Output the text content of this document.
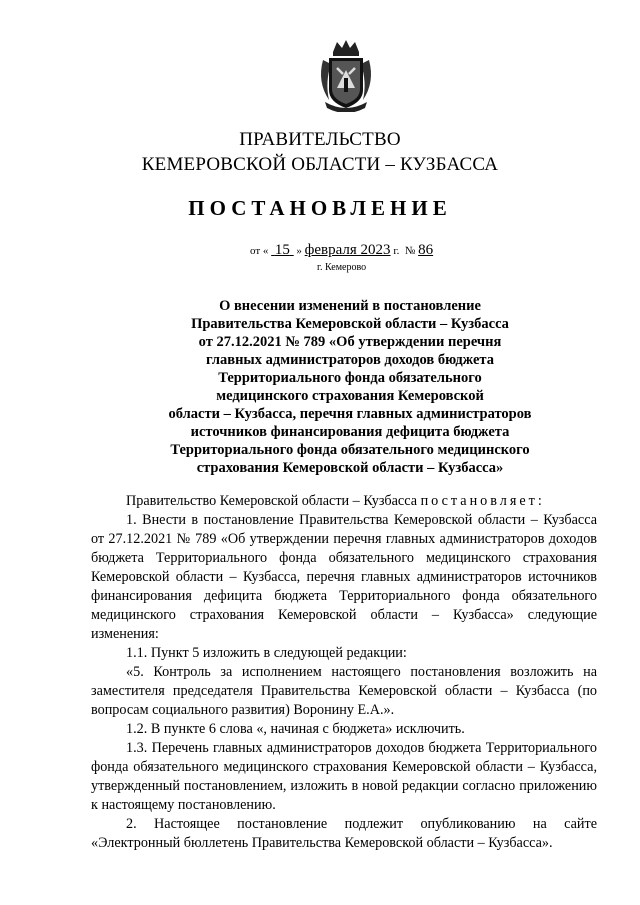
ПРАВИТЕЛЬСТВО
КЕМЕРОВСКОЙ ОБЛАСТИ – КУЗБАССА
ПОСТАНОВЛЕНИЕ
от « 15 » февраля 2023 г. № 86
г. Кемерово
О внесении изменений в постановление
Правительства Кемеровской области – Кузбасса
от 27.12.2021 № 789 «Об утверждении перечня
главных администраторов доходов бюджета
Территориального фонда обязательного
медицинского страхования Кемеровской
области – Кузбасса, перечня главных администраторов
источников финансирования дефицита бюджета
Территориального фонда обязательного медицинского
страхования Кемеровской области – Кузбасса»

Правительство Кемеровской области – Кузбасса постановляет:

1. Внести в постановление Правительства Кемеровской области – Кузбасса от 27.12.2021 № 789 «Об утверждении перечня главных администраторов доходов бюджета Территориального фонда обязательного медицинского страхования Кемеровской области – Кузбасса, перечня главных администраторов источников финансирования дефицита бюджета Территориального фонда обязательного медицинского страхования Кемеровской области – Кузбасса» следующие изменения:

1.1. Пункт 5 изложить в следующей редакции:

«5. Контроль за исполнением настоящего постановления возложить на заместителя председателя Правительства Кемеровской области – Кузбасса (по вопросам социального развития) Воронину Е.А.».

1.2. В пункте 6 слова «, начиная с бюджета» исключить.

1.3. Перечень главных администраторов доходов бюджета Территориального фонда обязательного медицинского страхования Кемеровской области – Кузбасса, утвержденный постановлением, изложить в новой редакции согласно приложению к настоящему постановлению.

2. Настоящее постановление подлежит опубликованию на сайте «Электронный бюллетень Правительства Кемеровской области – Кузбасса».
